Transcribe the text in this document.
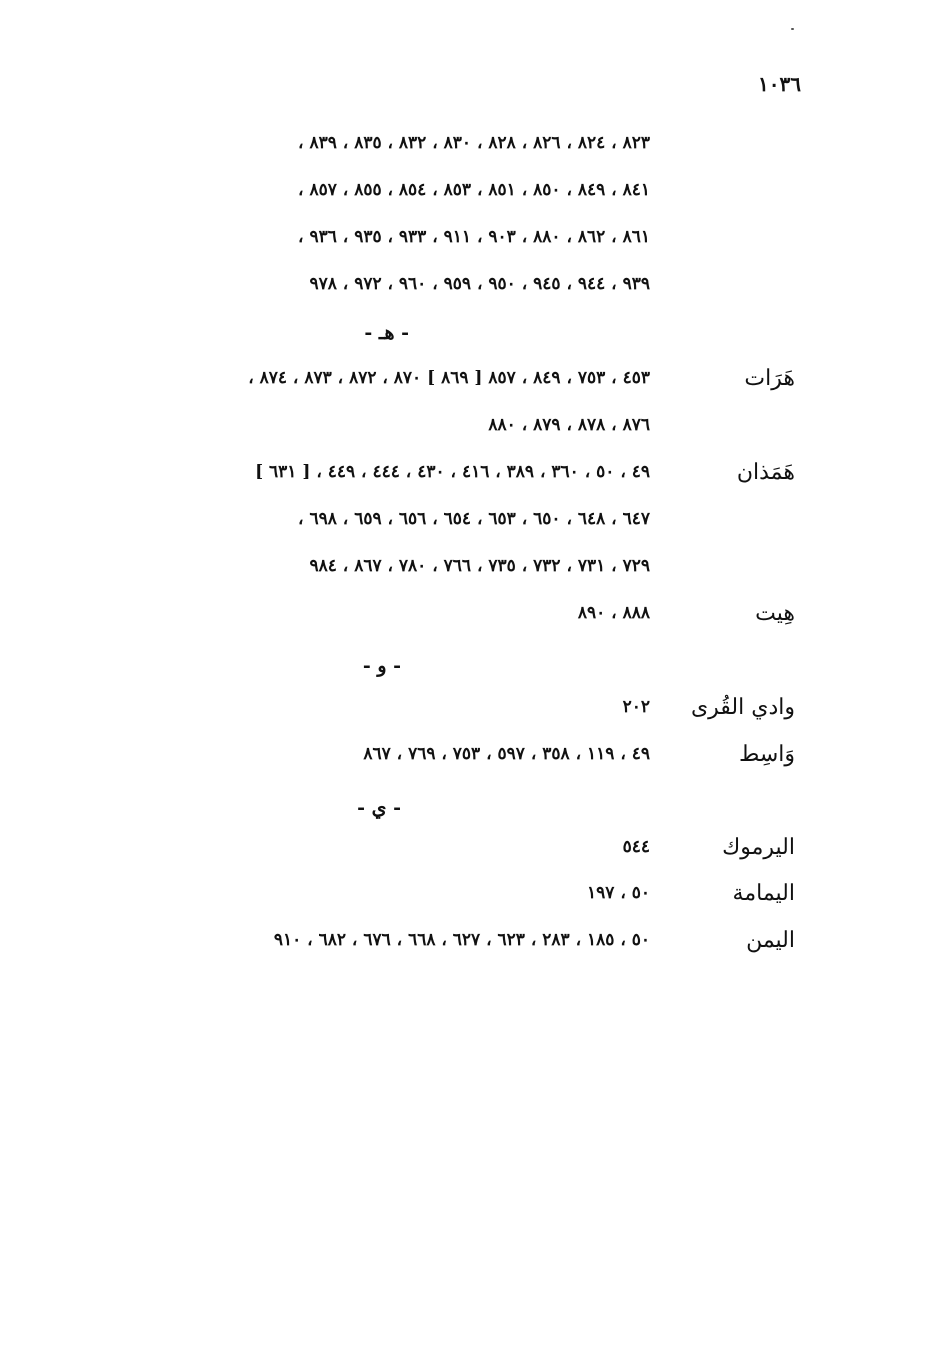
١٠٣٦
٨٢٣ ، ٨٢٤ ، ٨٢٦ ، ٨٢٨ ، ٨٣٠ ، ٨٣٢ ، ٨٣٥ ، ٨٣٩ ،
٨٤١ ، ٨٤٩ ، ٨٥٠ ، ٨٥١ ، ٨٥٣ ، ٨٥٤ ، ٨٥٥ ، ٨٥٧ ،
٨٦١ ، ٨٦٢ ، ٨٨٠ ، ٩٠٣ ، ٩١١ ، ٩٣٣ ، ٩٣٥ ، ٩٣٦ ،
٩٣٩ ، ٩٤٤ ، ٩٤٥ ، ٩٥٠ ، ٩٥٩ ، ٩٦٠ ، ٩٧٢ ، ٩٧٨
- هـ -
هَرَات
٤٥٣ ، ٧٥٣ ، ٨٤٩ ، ٨٥٧ [ ٨٦٩ ] ٨٧٠ ، ٨٧٢ ، ٨٧٣ ، ٨٧٤ ،
٨٧٦ ، ٨٧٨ ، ٨٧٩ ، ٨٨٠
هَمَذان
٤٩ ، ٥٠ ، ٣٦٠ ، ٣٨٩ ، ٤١٦ ، ٤٣٠ ، ٤٤٤ ، ٤٤٩ ، [ ٦٣١ ]
٦٤٧ ، ٦٤٨ ، ٦٥٠ ، ٦٥٣ ، ٦٥٤ ، ٦٥٦ ، ٦٥٩ ، ٦٩٨ ،
٧٢٩ ، ٧٣١ ، ٧٣٢ ، ٧٣٥ ، ٧٦٦ ، ٧٨٠ ، ٨٦٧ ، ٩٨٤
هِيت
٨٨٨ ، ٨٩٠
- و -
وادي القُرى
٢٠٢
وَاسِط
٤٩ ، ١١٩ ، ٣٥٨ ، ٥٩٧ ، ٧٥٣ ، ٧٦٩ ، ٨٦٧
- ي -
اليرموك
٥٤٤
اليمامة
٥٠ ، ١٩٧
اليمن
٥٠ ، ١٨٥ ، ٢٨٣ ، ٦٢٣ ، ٦٢٧ ، ٦٦٨ ، ٦٧٦ ، ٦٨٢ ، ٩١٠
